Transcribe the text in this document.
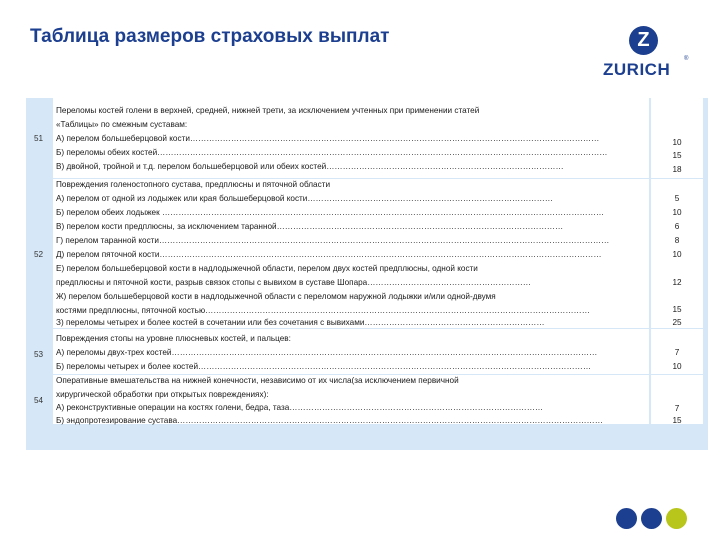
Таблица размеров страховых выплат	Z
ZURICH
®
51
Переломы костей голени в верхней, средней, нижней трети, за исключением учтенных при применении статей
«Таблицы» по смежным суставам:
А) перелом большеберцовой кости……………………………………………………………………………………………………………………………………
Б) переломы обеих костей…………………………………………………………………………………………………………………………………………………
В) двойной, тройной и т.д. перелом большеберцовой или обеих костей……………………………………………………………………………
10
15
18
52
Повреждения голеностопного сустава, предплюсны и пяточной области
А) перелом от одной из лодыжек или края большеберцовой кости………………………………………………………………………………
Б) перелом обеих лодыжек ………………………………………………………………………………………………………………………………………………
В) перелом кости предплюсны, за исключением таранной……………………………………………………………………………………………
Г) перелом таранной кости…………………………………………………………………………………………………………………………………………………
Д) перелом пяточной кости………………………………………………………………………………………………………………………………………………
Е) перелом большеберцовой кости в надлодыжечной области, перелом двух костей предплюсны, одной кости
предплюсны и пяточной кости, разрыв связок стопы с вывихом в суставе Шопара……………………………………………………
Ж) перелом большеберцовой кости в надлодыжечной области с переломом наружной лодыжки и/или одной-двумя
костями предплюсны, пяточной костью……………………………………………………………………………………………………………………………
З) переломы четырех и более костей в сочетании или без сочетания с вывихами…………………………………………………………
5
10
6
8
10
12
15
25
53
Повреждения стопы на уровне плюсневых костей, и пальцев:
А) переломы двух-трех костей…………………………………………………………………………………………………………………………………………
Б) переломы четырех и более костей………………………………………………………………………………………………………………………………
7
10
54
Оперативные вмешательства на нижней конечности, независимо от их числа(за исключением первичной
хирургической обработки при открытых повреждениях):
А) реконструктивные операции на костях голени, бедра, таза…………………………………………………………………………………
Б) эндопротезирование сустава…………………………………………………………………………………………………………………………………………
7
15
